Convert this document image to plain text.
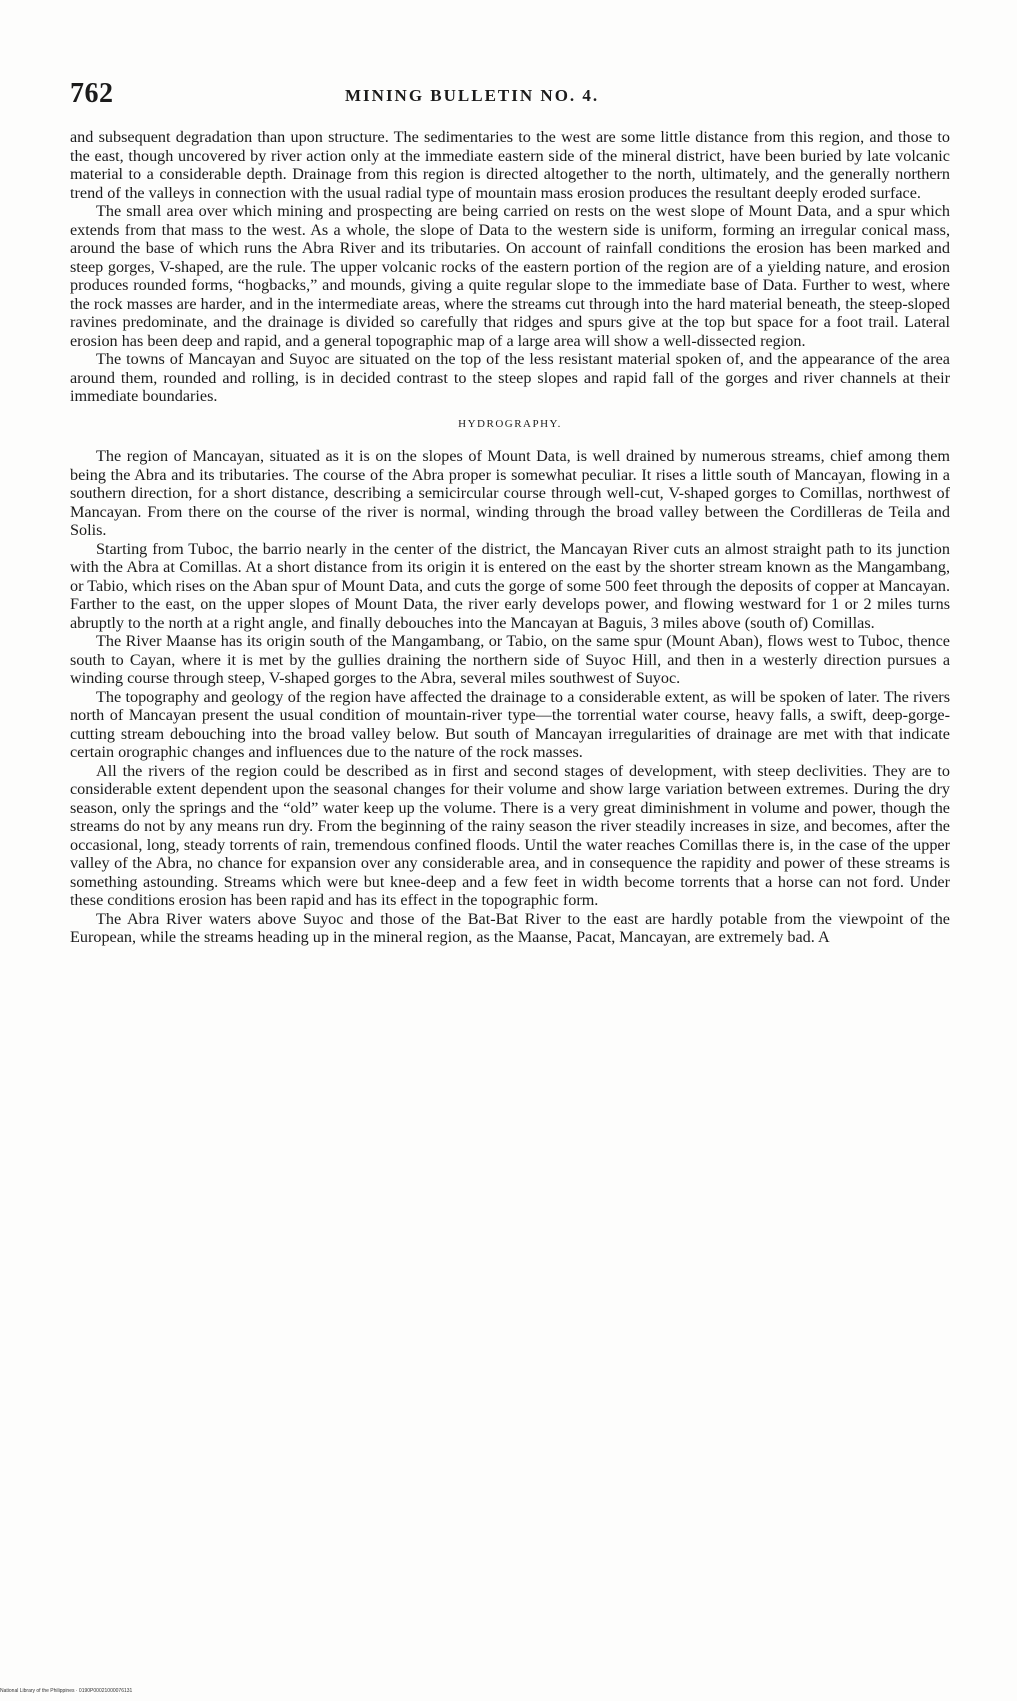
762	MINING BULLETIN NO. 4.

and subsequent degradation than upon structure. The sedimentaries to the west are some little distance from this region, and those to the east, though uncovered by river action only at the immediate eastern side of the mineral district, have been buried by late volcanic material to a considerable depth. Drainage from this region is directed altogether to the north, ultimately, and the generally northern trend of the valleys in connection with the usual radial type of mountain mass erosion produces the resultant deeply eroded surface.

The small area over which mining and prospecting are being carried on rests on the west slope of Mount Data, and a spur which extends from that mass to the west. As a whole, the slope of Data to the western side is uniform, forming an irregular conical mass, around the base of which runs the Abra River and its tributaries. On account of rainfall conditions the erosion has been marked and steep gorges, V-shaped, are the rule. The upper volcanic rocks of the eastern portion of the region are of a yielding nature, and erosion produces rounded forms, “hogbacks,” and mounds, giving a quite regular slope to the immediate base of Data. Further to west, where the rock masses are harder, and in the intermediate areas, where the streams cut through into the hard material beneath, the steep-sloped ravines predominate, and the drainage is divided so carefully that ridges and spurs give at the top but space for a foot trail. Lateral erosion has been deep and rapid, and a general topographic map of a large area will show a well-dissected region.

The towns of Mancayan and Suyoc are situated on the top of the less resistant material spoken of, and the appearance of the area around them, rounded and rolling, is in decided contrast to the steep slopes and rapid fall of the gorges and river channels at their immediate boundaries.

HYDROGRAPHY.

The region of Mancayan, situated as it is on the slopes of Mount Data, is well drained by numerous streams, chief among them being the Abra and its tributaries. The course of the Abra proper is somewhat peculiar. It rises a little south of Mancayan, flowing in a southern direction, for a short distance, describing a semicircular course through well-cut, V-shaped gorges to Comillas, northwest of Mancayan. From there on the course of the river is normal, winding through the broad valley between the Cordilleras de Teila and Solis.

Starting from Tuboc, the barrio nearly in the center of the district, the Mancayan River cuts an almost straight path to its junction with the Abra at Comillas. At a short distance from its origin it is entered on the east by the shorter stream known as the Mangambang, or Tabio, which rises on the Aban spur of Mount Data, and cuts the gorge of some 500 feet through the deposits of copper at Mancayan. Farther to the east, on the upper slopes of Mount Data, the river early develops power, and flowing westward for 1 or 2 miles turns abruptly to the north at a right angle, and finally debouches into the Mancayan at Baguis, 3 miles above (south of) Comillas.

The River Maanse has its origin south of the Mangambang, or Tabio, on the same spur (Mount Aban), flows west to Tuboc, thence south to Cayan, where it is met by the gullies draining the northern side of Suyoc Hill, and then in a westerly direction pursues a winding course through steep, V-shaped gorges to the Abra, several miles southwest of Suyoc.

The topography and geology of the region have affected the drainage to a considerable extent, as will be spoken of later. The rivers north of Mancayan present the usual condition of mountain-river type—the torrential water course, heavy falls, a swift, deep-gorge-cutting stream debouching into the broad valley below. But south of Mancayan irregularities of drainage are met with that indicate certain orographic changes and influences due to the nature of the rock masses.

All the rivers of the region could be described as in first and second stages of development, with steep declivities. They are to considerable extent dependent upon the seasonal changes for their volume and show large variation between extremes. During the dry season, only the springs and the “old” water keep up the volume. There is a very great diminishment in volume and power, though the streams do not by any means run dry. From the beginning of the rainy season the river steadily increases in size, and becomes, after the occasional, long, steady torrents of rain, tremendous confined floods. Until the water reaches Comillas there is, in the case of the upper valley of the Abra, no chance for expansion over any considerable area, and in consequence the rapidity and power of these streams is something astounding. Streams which were but knee-deep and a few feet in width become torrents that a horse can not ford. Under these conditions erosion has been rapid and has its effect in the topographic form.

The Abra River waters above Suyoc and those of the Bat-Bat River to the east are hardly potable from the viewpoint of the European, while the streams heading up in the mineral region, as the Maanse, Pacat, Mancayan, are extremely bad. A

National Library of the Philippines · 0190P00021000076131
